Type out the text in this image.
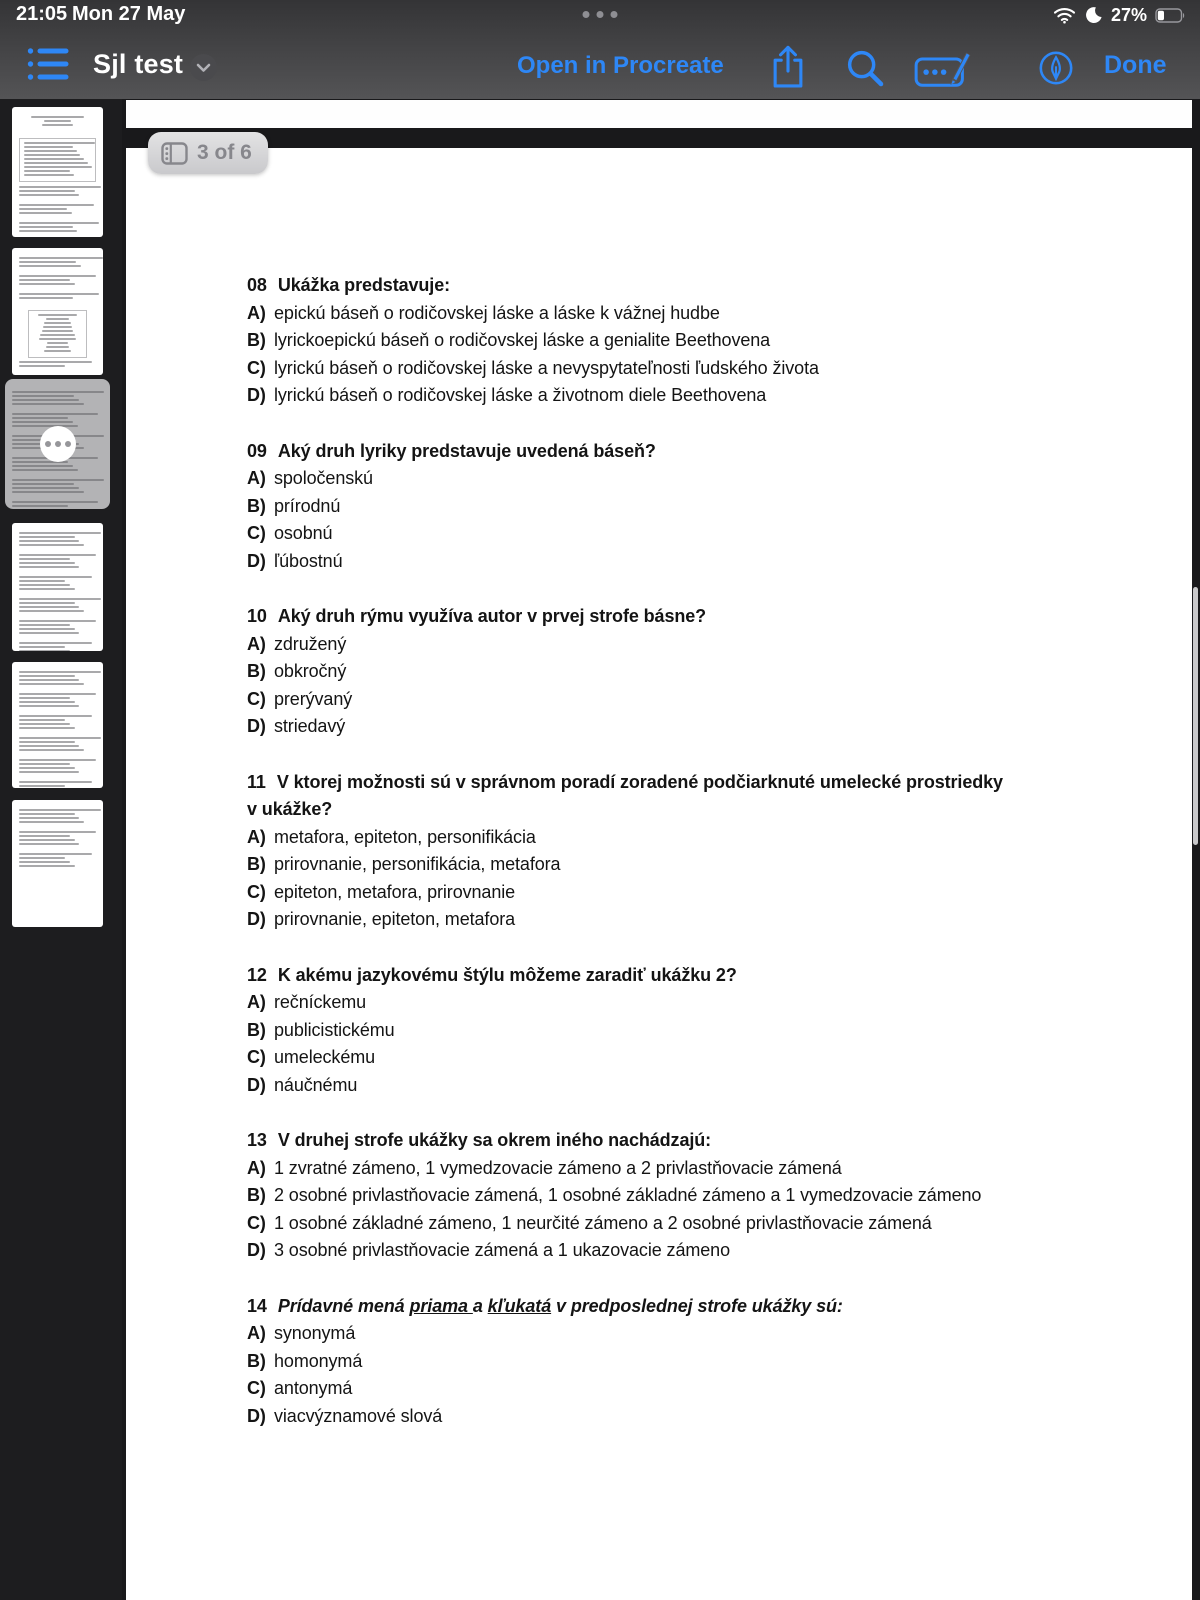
08 Ukážka predstavuje:
A) epickú báseň o rodičovskej láske a láske k vážnej hudbe
B) lyrickoepickú báseň o rodičovskej láske a genialite Beethovena
C) lyrickú báseň o rodičovskej láske a nevyspytateľnosti ľudského života
D) lyrickú báseň o rodičovskej láske a životnom diele Beethovena
09 Aký druh lyriky predstavuje uvedená báseň?
A) spoločenskú
B) prírodnú
C) osobnú
D) ľúbostnú
10 Aký druh rýmu využíva autor v prvej strofe básne?
A) združený
B) obkročný
C) prerývaný
D) striedavý
11 V ktorej možnosti sú v správnom poradí zoradené podčiarknuté umelecké prostriedky v ukážke?
A) metafora, epiteton, personifikácia
B) prirovnanie, personifikácia, metafora
C) epiteton, metafora, prirovnanie
D) prirovnanie, epiteton, metafora
12 K akému jazykovému štýlu môžeme zaradiť ukážku 2?
A) rečníckemu
B) publicistickému
C) umeleckému
D) náučnému
13 V druhej strofe ukážky sa okrem iného nachádzajú:
A) 1 zvratné zámeno, 1 vymedzovacie zámeno a 2 privlastňovacie zámená
B) 2 osobné privlastňovacie zámená, 1 osobné základné zámeno a 1 vymedzovacie zámeno
C) 1 osobné základné zámeno, 1 neurčité zámeno a 2 osobné privlastňovacie zámená
D) 3 osobné privlastňovacie zámená a 1 ukazovacie zámeno
14 Prídavné mená priama a kľukatá v predposlednej strofe ukážky sú:
A) synonymá
B) homonymá
C) antonymá
D) viacvýznamové slová
3 of 6
21:05 Mon 27 May	27%
Sjl test	Open in Procreate	Done
